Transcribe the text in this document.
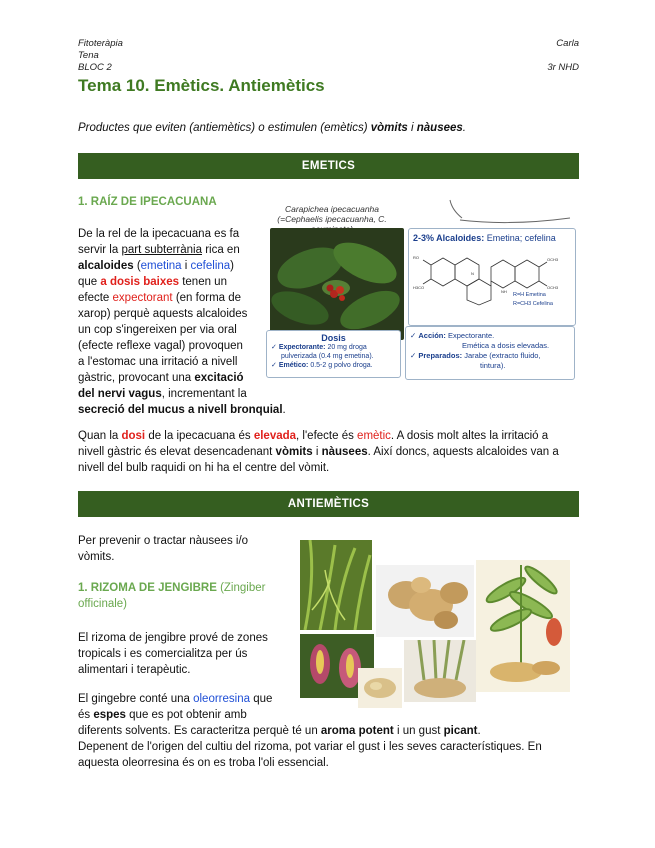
Fitoteràpia
Tena
BLOC 2
Carla

3r NHD
Tema 10. Emètics. Antiemètics
Productes que eviten (antiemètics) o estimulen (emètics) vòmits i nàusees.
EMETICS
1. RAÍZ DE IPECACUANA
De la rel de la ipecacuana es fa
servir la part subterrània rica en
alcaloides (emetina i cefelina)
que a dosis baixes tenen un
efecte expectorant (en forma de
xarop) perquè aquests alcaloides
un cop s'ingereixen per via oral
(efecte reflexe vagal) provoquen
a l'estomac una irritació a nivell
gàstric, provocant una excitació
del nervi vagus, incrementant la
secreció del mucus a nivell bronquial.
Carapichea ipecacuanha
(=Cephaelis ipecacuanha, C.
2-3% Alcaloides: Emetina; cefelina
RO
H3CO
OCH3
OCH3
NH
N
R=H Emetina
R=CH3 Cefelina
Dosis
✓ Expectorante: 20 mg droga
pulverizada (0.4 mg emetina).
✓ Emético: 0.5-2 g polvo droga.
✓ Acción: Expectorante.
Emética a dosis elevadas.
✓ Preparados: Jarabe (extracto fluido,
tintura).
Quan la dosi de la ipecacuana és elevada, l'efecte és emètic. A dosis molt altes la irritació a
nivell gàstric és elevat desencadenant vòmits i nàusees. Així doncs, aquests alcaloides van a
nivell del bulb raquidi on hi ha el centre del vòmit.
ANTIEMÈTICS
Per prevenir o tractar nàusees i/o
vòmits.
1. RIZOMA DE JENGIBRE (Zingiber
officinale)
El rizoma de jengibre prové de zones
tropicals i es comercialitza per ús
alimentari i terapèutic.
El gingebre conté una oleorresina que
és espes que es pot obtenir amb
diferents solvents. Es caracteritza perquè té un aroma potent i un gust picant.
Depenent de l'origen del cultiu del rizoma, pot variar el gust i les seves característiques. En
aquesta oleorresina és on es troba l'oli essencial.
